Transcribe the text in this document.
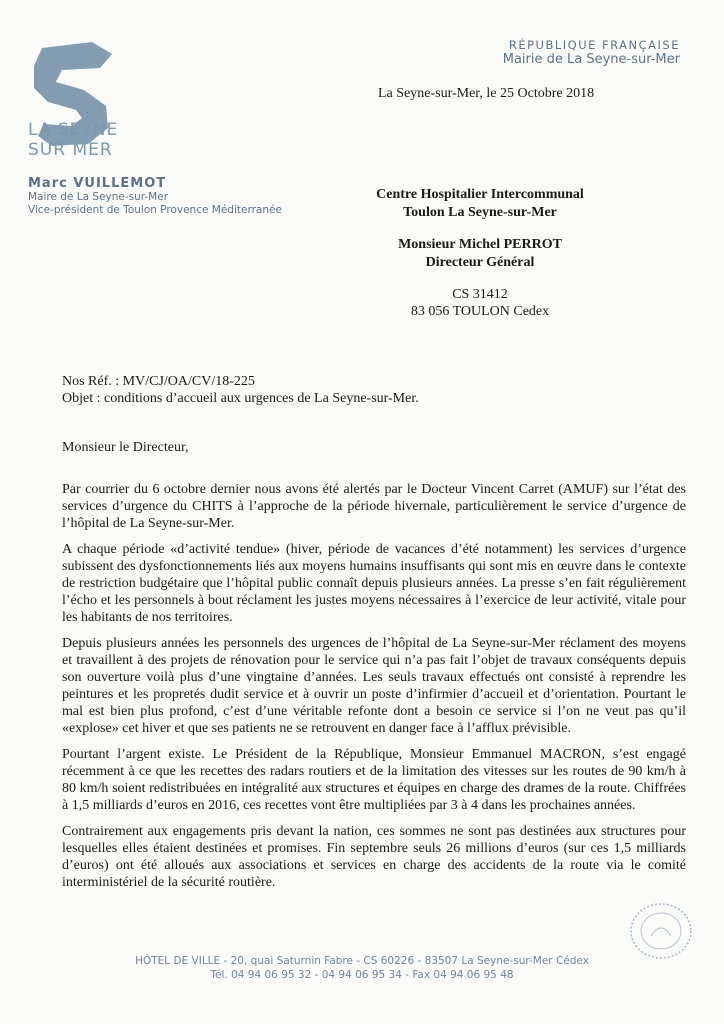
LA SEYNE
SUR MER
Marc VUILLEMOT
Maire de La Seyne-sur-Mer
Vice-président de Toulon Provence Méditerranée
RÉPUBLIQUE FRANÇAISE
Mairie de La Seyne-sur-Mer
La Seyne-sur-Mer, le 25 Octobre 2018
Centre Hospitalier Intercommunal
Toulon La Seyne-sur-Mer
Monsieur Michel PERROT
Directeur Général
CS 31412
83 056 TOULON Cedex
Nos Réf. : MV/CJ/OA/CV/18-225
Objet : conditions d’accueil aux urgences de La Seyne-sur-Mer.
Monsieur le Directeur,

Par courrier du 6 octobre dernier nous avons été alertés par le Docteur Vincent Carret (AMUF) sur l’état des services d’urgence du CHITS à l’approche de la période hivernale, particulièrement le service d’urgence de l’hôpital de La Seyne-sur-Mer.

A chaque période «d’activité tendue» (hiver, période de vacances d’été notamment) les services d’urgence subissent des dysfonctionnements liés aux moyens humains insuffisants qui sont mis en œuvre dans le contexte de restriction budgétaire que l’hôpital public connaît depuis plusieurs années. La presse s’en fait régulièrement l’écho et les personnels à bout réclament les justes moyens nécessaires à l’exercice de leur activité, vitale pour les habitants de nos territoires.

Depuis plusieurs années les personnels des urgences de l’hôpital de La Seyne-sur-Mer réclament des moyens et travaillent à des projets de rénovation pour le service qui n’a pas fait l’objet de travaux conséquents depuis son ouverture voilà plus d’une vingtaine d’années. Les seuls travaux effectués ont consisté à reprendre les peintures et les propretés dudit service et à ouvrir un poste d’infirmier d’accueil et d’orientation. Pourtant le mal est bien plus profond, c’est d’une véritable refonte dont a besoin ce service si l’on ne veut pas qu’il «explose» cet hiver et que ses patients ne se retrouvent en danger face à l’afflux prévisible.

Pourtant l’argent existe. Le Président de la République, Monsieur Emmanuel MACRON, s’est engagé récemment à ce que les recettes des radars routiers et de la limitation des vitesses sur les routes de 90 km/h à 80 km/h soient redistribuées en intégralité aux structures et équipes en charge des drames de la route. Chiffrées à 1,5 milliards d’euros en 2016, ces recettes vont être multipliées par 3 à 4 dans les prochaines années.

Contrairement aux engagements pris devant la nation, ces sommes ne sont pas destinées aux structures pour lesquelles elles étaient destinées et promises. Fin septembre seuls 26 millions d’euros (sur ces 1,5 milliards d’euros) ont été alloués aux associations et services en charge des accidents de la route via le comité interministériel de la sécurité routière.

HÔTEL DE VILLE - 20, quai Saturnin Fabre - CS 60226 - 83507 La Seyne-sur-Mer Cédex
Tél. 04 94 06 95 32 - 04 94 06 95 34 - Fax 04 94 06 95 48
